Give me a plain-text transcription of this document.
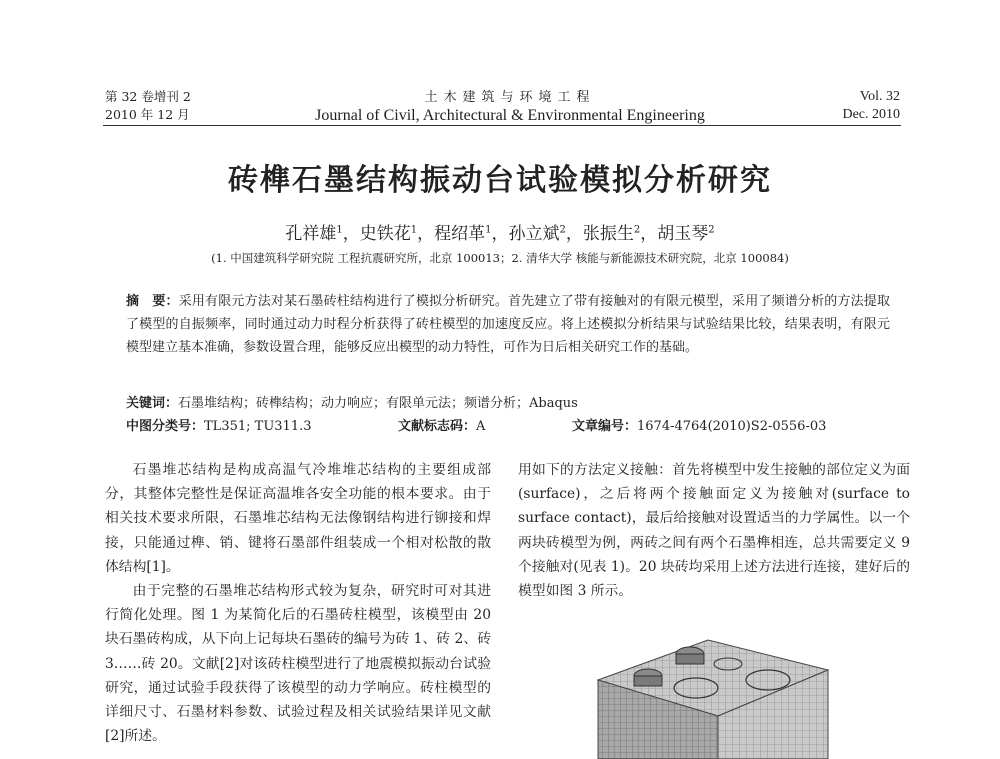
第 32 卷增刊 2
2010 年 12 月
土木建筑与环境工程
Journal of Civil, Architectural & Environmental Engineering
Vol. 32
Dec. 2010
砖榫石墨结构振动台试验模拟分析研究
孔祥雄$^1$，史铁花$^1$，程绍革$^1$，孙立斌$^2$，张振生$^2$，胡玉琴$^2$
(1. 中国建筑科学研究院 工程抗震研究所，北京 100013；2. 清华大学 核能与新能源技术研究院，北京 100084)
摘　要：采用有限元方法对某石墨砖柱结构进行了模拟分析研究。首先建立了带有接触对的有限元模型，采用了频谱分析的方法提取了模型的自振频率，同时通过动力时程分析获得了砖柱模型的加速度反应。将上述模拟分析结果与试验结果比较，结果表明，有限元模型建立基本准确，参数设置合理，能够反应出模型的动力特性，可作为日后相关研究工作的基础。
关键词：石墨堆结构；砖榫结构；动力响应；有限单元法；频谱分析；Abaqus
中图分类号：TL351; TU311.3	文献标志码：A	文章编号：1674-4764(2010)S2-0556-03

石墨堆芯结构是构成高温气冷堆堆芯结构的主要组成部分，其整体完整性是保证高温堆各安全功能的根本要求。由于相关技术要求所限，石墨堆芯结构无法像钢结构进行铆接和焊接，只能通过榫、销、键将石墨部件组装成一个相对松散的散体结构[1]。

由于完整的石墨堆芯结构形式较为复杂，研究时可对其进行简化处理。图 1 为某简化后的石墨砖柱模型，该模型由 20 块石墨砖构成，从下向上记每块石墨砖的编号为砖 1、砖 2、砖 3……砖 20。文献[2]对该砖柱模型进行了地震模拟振动台试验研究，通过试验手段获得了该模型的动力学响应。砖柱模型的详细尺寸、石墨材料参数、试验过程及相关试验结果详见文献[2]所述。

用如下的方法定义接触：首先将模型中发生接触的部位定义为面(surface)，之后将两个接触面定义为接触对(surface to surface contact)，最后给接触对设置适当的力学属性。以一个两块砖模型为例，两砖之间有两个石墨榫相连，总共需要定义 9 个接触对(见表 1)。20 块砖均采用上述方法进行连接，建好后的模型如图 3 所示。
